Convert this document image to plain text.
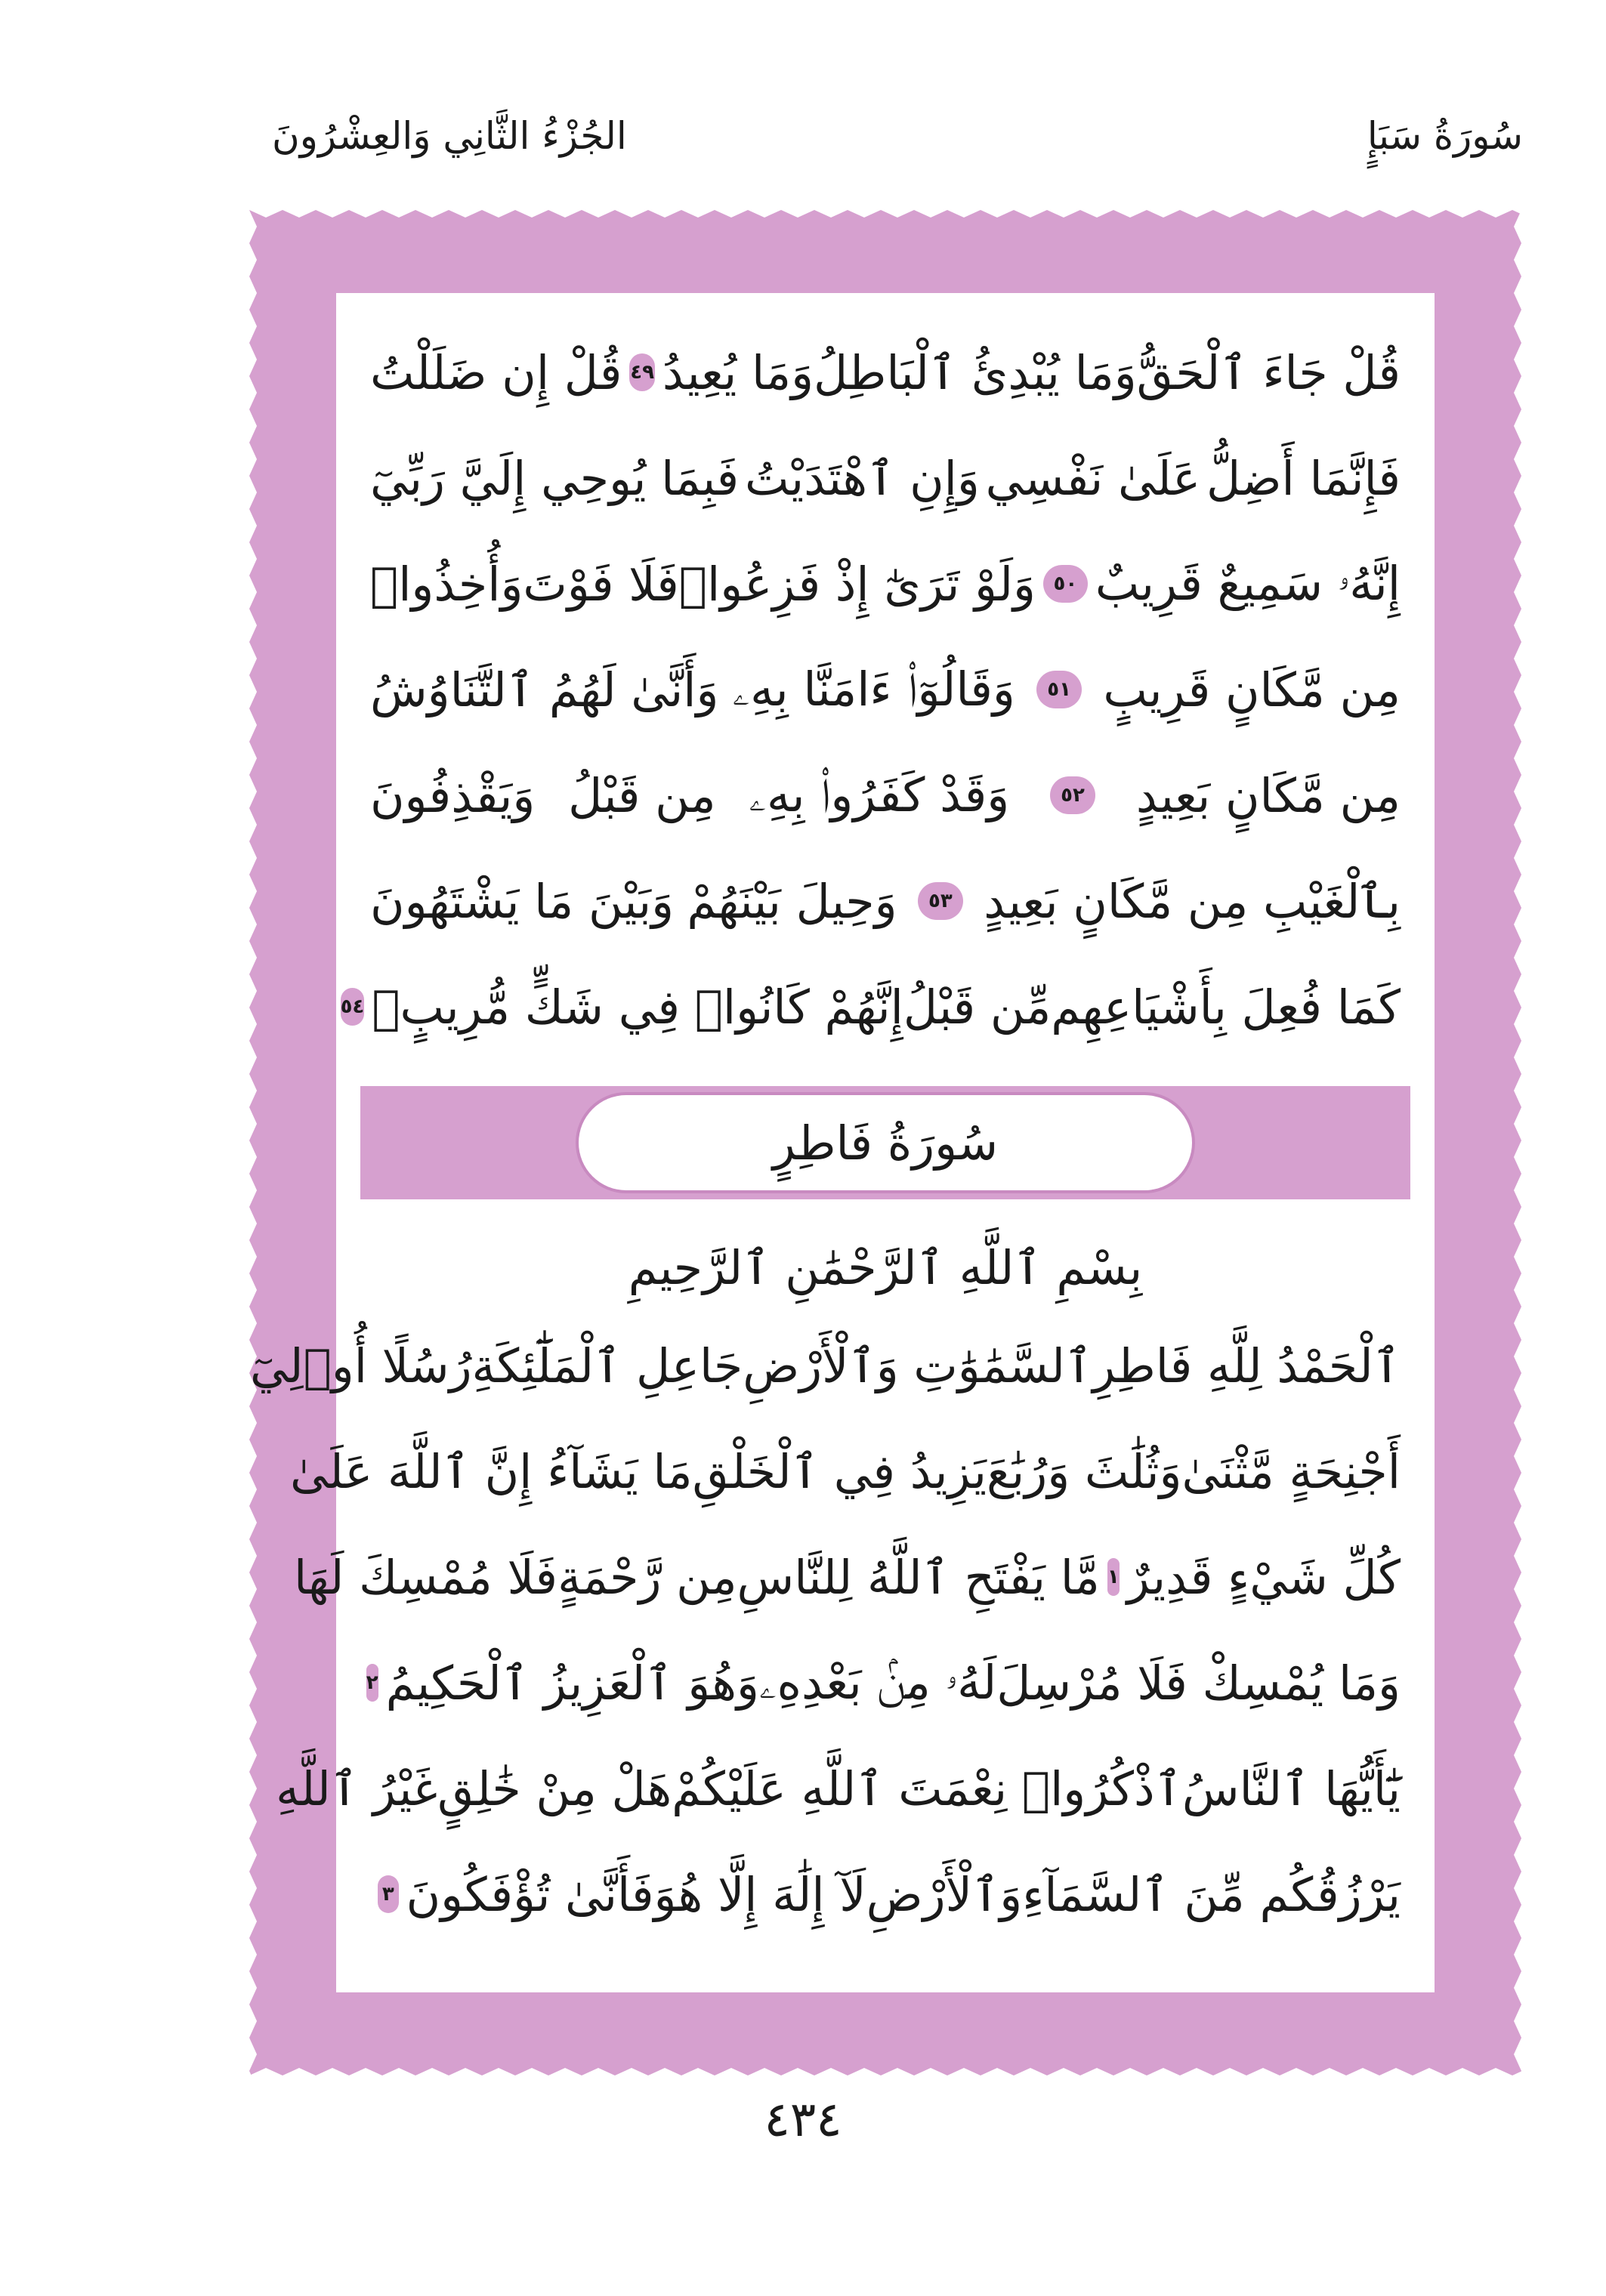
الجُزْءُ الثَّانِي وَالعِشْرُونَ	سُورَةُ سَبَإٍ
قُلْ جَاءَ ٱلْحَقُّ
وَمَا يُبْدِئُ ٱلْبَاطِلُ
وَمَا يُعِيدُ
٤٩
قُلْ إِن ضَلَلْتُ
فَإِنَّمَا أَضِلُّ
عَلَىٰ نَفْسِي
وَإِنِ ٱهْتَدَيْتُ
فَبِمَا يُوحِي إِلَيَّ رَبِّيٓ
إِنَّهُۥ سَمِيعٌ قَرِيبٌ
٥٠
وَلَوْ تَرَىٰٓ إِذْ فَزِعُوا۟
فَلَا فَوْتَ
وَأُخِذُوا۟
مِن مَّكَانٍ قَرِيبٍ
٥١
وَقَالُوٓا۟ ءَامَنَّا بِهِۦ
وَأَنَّىٰ لَهُمُ ٱلتَّنَاوُشُ
مِن مَّكَانٍ بَعِيدٍ
٥٢
وَقَدْ كَفَرُوا۟ بِهِۦ
مِن قَبْلُ
وَيَقْذِفُونَ
بِٱلْغَيْبِ مِن مَّكَانٍ بَعِيدٍ
٥٣
وَحِيلَ بَيْنَهُمْ
وَبَيْنَ مَا يَشْتَهُونَ
كَمَا فُعِلَ بِأَشْيَاعِهِم
مِّن قَبْلُ
إِنَّهُمْ كَانُوا۟ فِي شَكٍّ مُّرِيبٍۭ
٥٤
سُورَةُ فَاطِرٍ
بِسْمِ ٱللَّهِ ٱلرَّحْمَٰنِ ٱلرَّحِيمِ
ٱلْحَمْدُ لِلَّهِ فَاطِرِ
ٱلسَّمَٰوَٰتِ وَٱلْأَرْضِ
جَاعِلِ ٱلْمَلَٰٓئِكَةِ
رُسُلًا أُو۟لِيٓ
أَجْنِحَةٍ مَّثْنَىٰ
وَثُلَٰثَ وَرُبَٰعَ
يَزِيدُ فِي ٱلْخَلْقِ
مَا يَشَآءُ إِنَّ ٱللَّهَ عَلَىٰ
كُلِّ شَيْءٍ قَدِيرٌ
١
مَّا يَفْتَحِ ٱللَّهُ لِلنَّاسِ
مِن رَّحْمَةٍ
فَلَا مُمْسِكَ لَهَا
وَمَا يُمْسِكْ فَلَا مُرْسِلَ
لَهُۥ مِنۢ بَعْدِهِۦ
وَهُوَ ٱلْعَزِيزُ ٱلْحَكِيمُ
٢
يَٰٓأَيُّهَا ٱلنَّاسُ
ٱذْكُرُوا۟ نِعْمَتَ ٱللَّهِ عَلَيْكُمْ
هَلْ مِنْ خَٰلِقٍ
غَيْرُ ٱللَّهِ
يَرْزُقُكُم مِّنَ ٱلسَّمَآءِ
وَٱلْأَرْضِ
لَآ إِلَٰهَ إِلَّا هُوَ
فَأَنَّىٰ تُؤْفَكُونَ
٣
٤٣٤
